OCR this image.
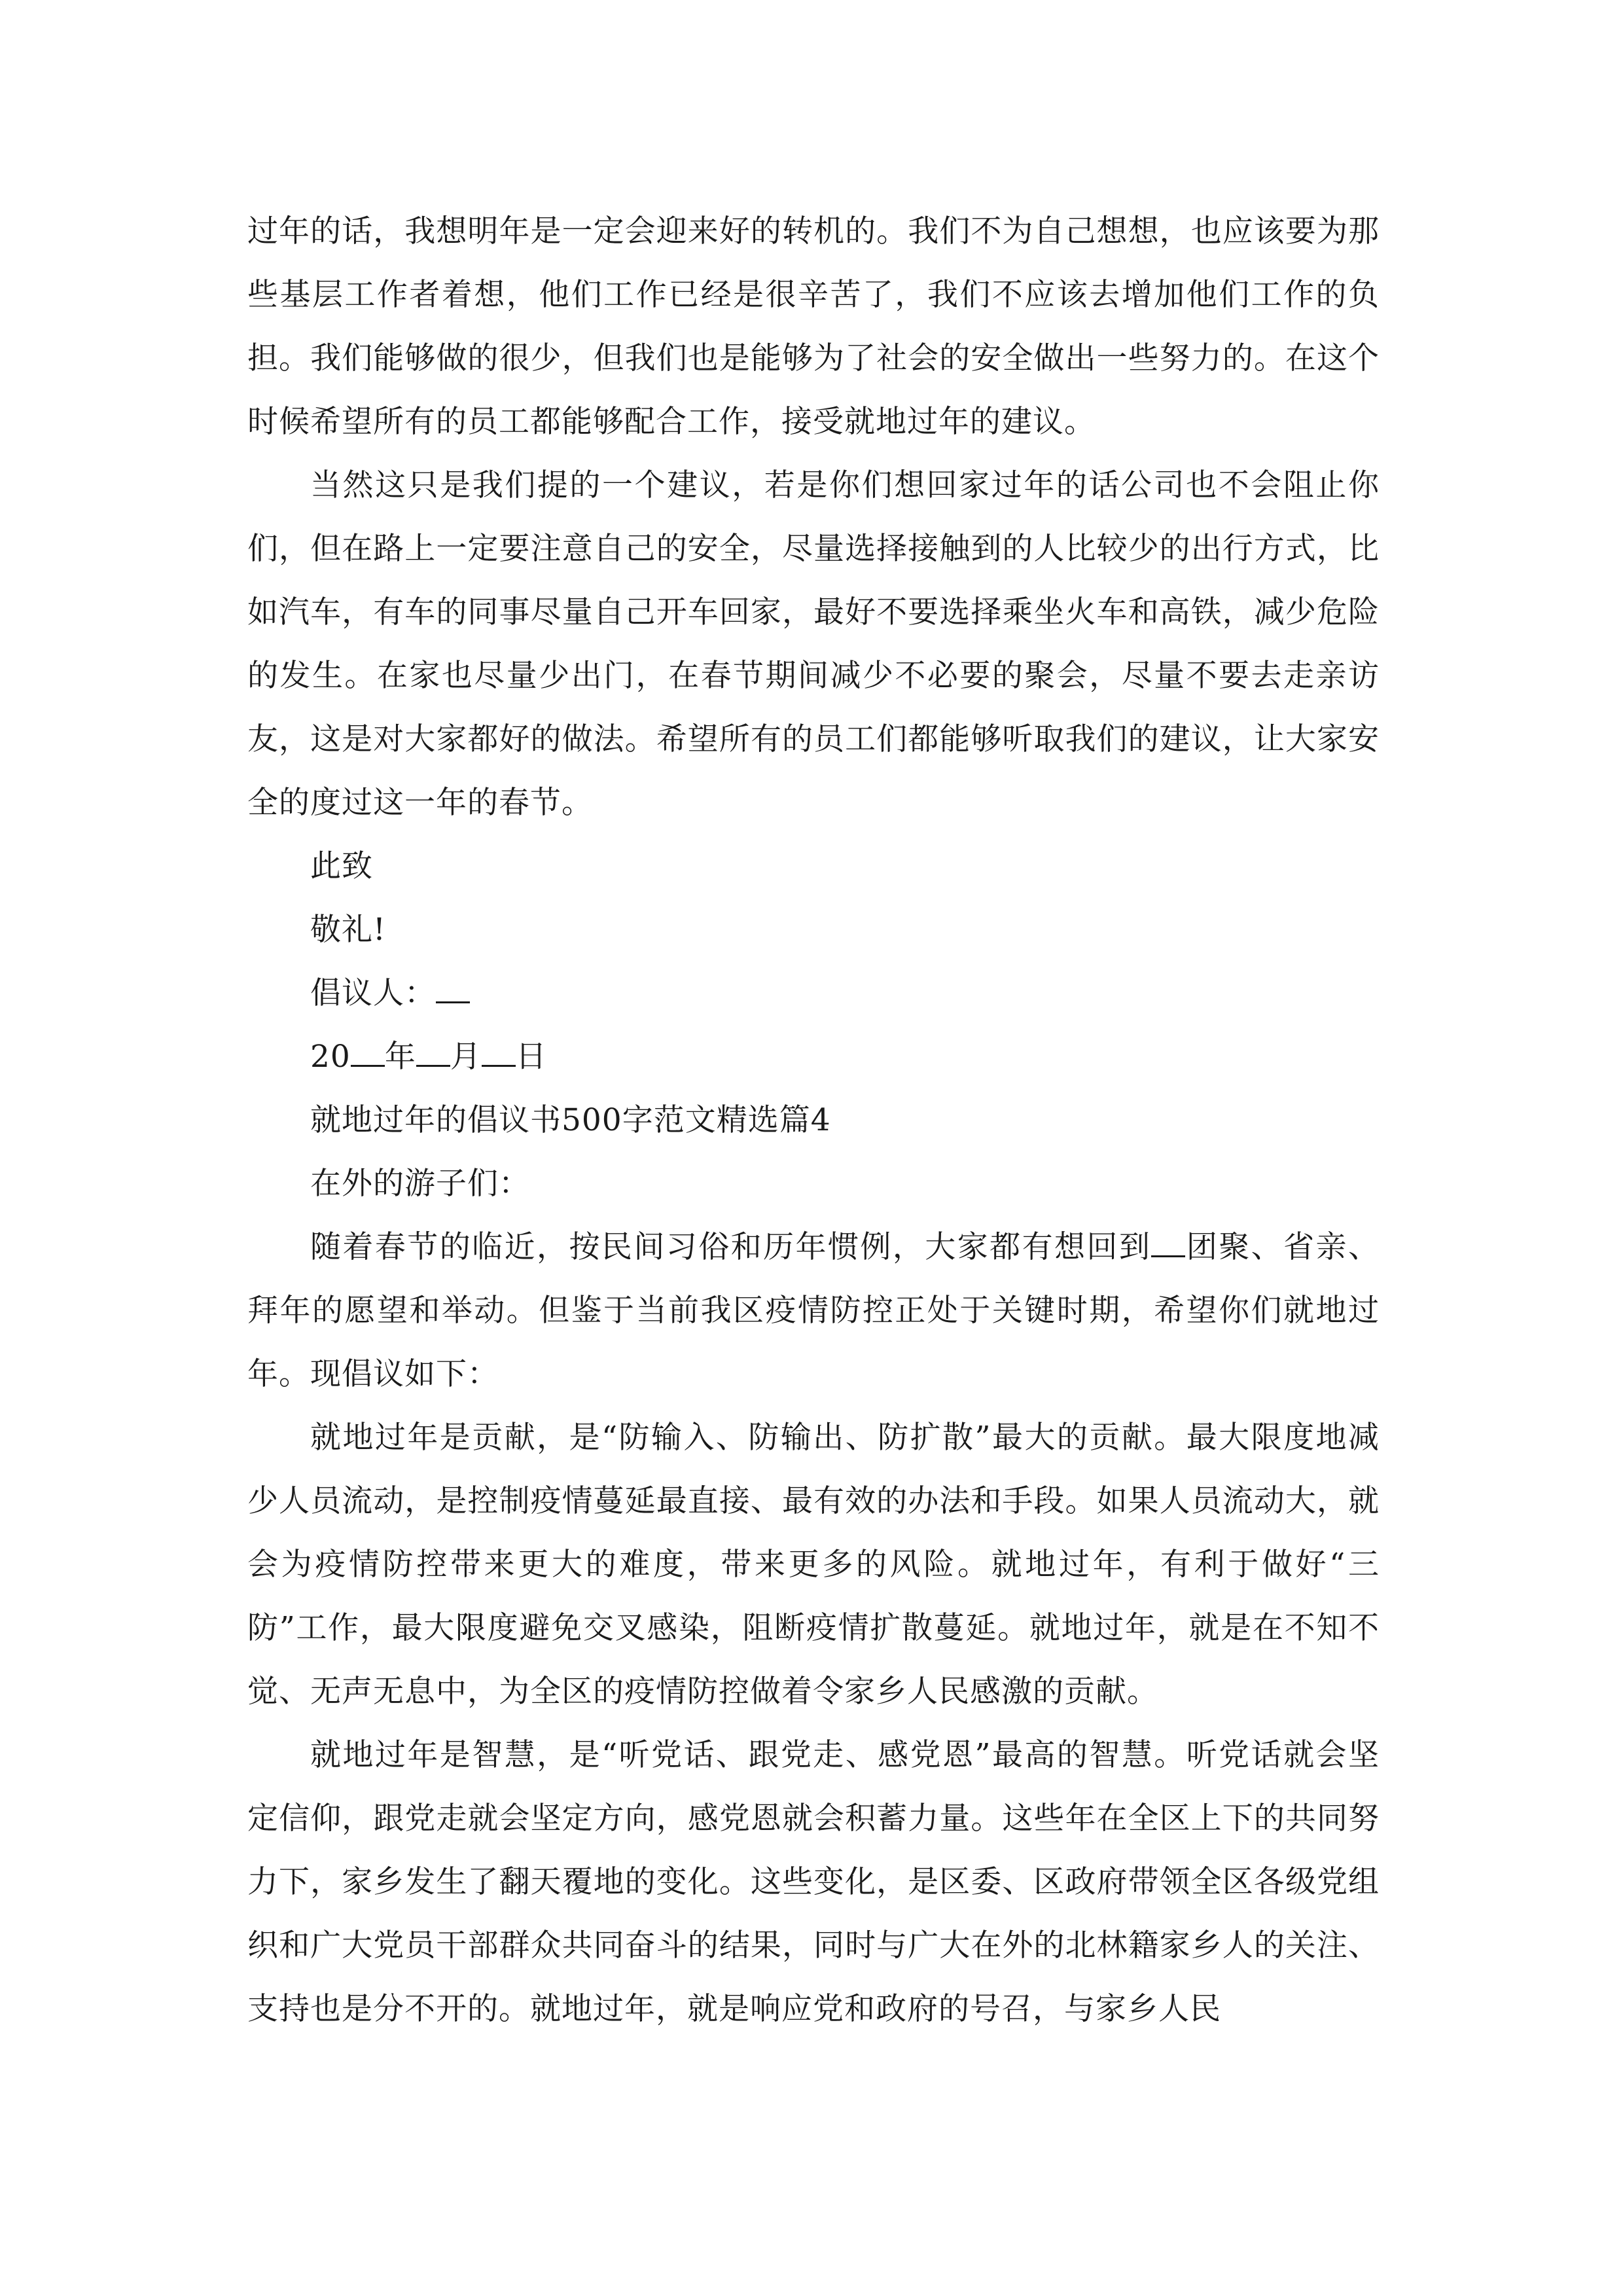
过年的话，我想明年是一定会迎来好的转机的。我们不为自己想想，也应该要为那些基层工作者着想，他们工作已经是很辛苦了，我们不应该去增加他们工作的负担。我们能够做的很少，但我们也是能够为了社会的安全做出一些努力的。在这个时候希望所有的员工都能够配合工作，接受就地过年的建议。

当然这只是我们提的一个建议，若是你们想回家过年的话公司也不会阻止你们，但在路上一定要注意自己的安全，尽量选择接触到的人比较少的出行方式，比如汽车，有车的同事尽量自己开车回家，最好不要选择乘坐火车和高铁，减少危险的发生。在家也尽量少出门，在春节期间减少不必要的聚会，尽量不要去走亲访友，这是对大家都好的做法。希望所有的员工们都能够听取我们的建议，让大家安全的度过这一年的春节。

此致

敬礼!

倡议人：

20 年 月 日

就地过年的倡议书500字范文精选篇4

在外的游子们：

随着春节的临近，按民间习俗和历年惯例，大家都有想回到 团聚、省亲、拜年的愿望和举动。但鉴于当前我区疫情防控正处于关键时期，希望你们就地过年。现倡议如下：

就地过年是贡献，是“防输入、防输出、防扩散”最大的贡献。最大限度地减少人员流动，是控制疫情蔓延最直接、最有效的办法和手段。如果人员流动大，就会为疫情防控带来更大的难度，带来更多的风险。就地过年，有利于做好“三防”工作，最大限度避免交叉感染，阻断疫情扩散蔓延。就地过年，就是在不知不觉、无声无息中，为全区的疫情防控做着令家乡人民感激的贡献。

就地过年是智慧，是“听党话、跟党走、感党恩”最高的智慧。听党话就会坚定信仰，跟党走就会坚定方向，感党恩就会积蓄力量。这些年在全区上下的共同努力下，家乡发生了翻天覆地的变化。这些变化，是区委、区政府带领全区各级党组织和广大党员干部群众共同奋斗的结果，同时与广大在外的北林籍家乡人的关注、支持也是分不开的。就地过年，就是响应党和政府的号召，与家乡人民
